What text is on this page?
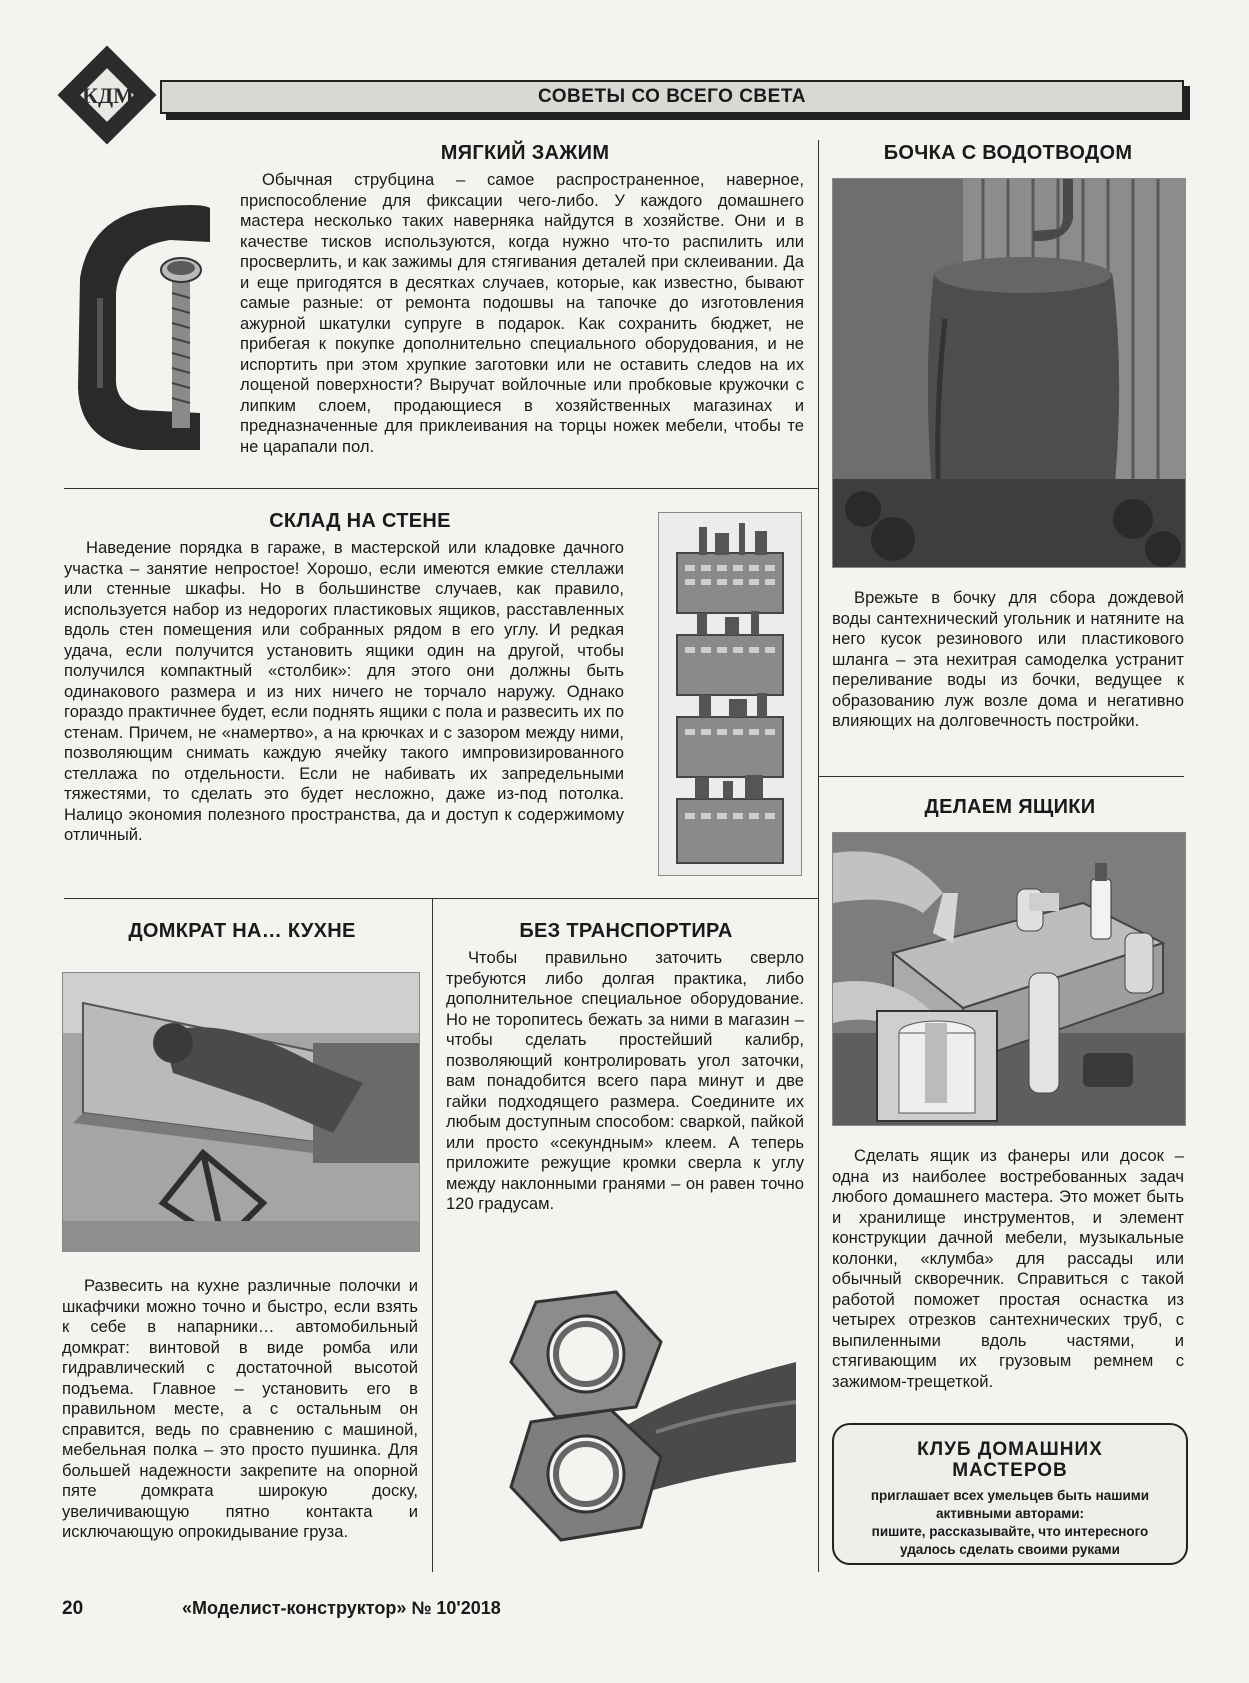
КДМ	СОВЕТЫ СО ВСЕГО СВЕТА
МЯГКИЙ ЗАЖИМ

Обычная струбцина – самое распространенное, наверное, приспособление для фиксации чего-либо. У каждого домашнего мастера несколько таких наверняка найдутся в хозяйстве. Они и в качестве тисков используются, когда нужно что-то распилить или просверлить, и как зажимы для стягивания деталей при склеивании. Да и еще пригодятся в десятках случаев, которые, как известно, бывают самые разные: от ремонта подошвы на тапочке до изготовления ажурной шкатулки супруге в подарок. Как сохранить бюджет, не прибегая к покупке дополнительно специального оборудования, и не испортить при этом хрупкие заготовки или не оставить следов на их лощеной поверхности? Выручат войлочные или пробковые кружочки с липким слоем, продающиеся в хозяйственных магазинах и предназначенные для приклеивания на торцы ножек мебели, чтобы те не царапали пол.

БОЧКА С ВОДОТВОДОМ

Врежьте в бочку для сбора дождевой воды сантехнический угольник и натяните на него кусок резинового или пластикового шланга – эта нехитрая самоделка устранит переливание воды из бочки, ведущее к образованию луж возле дома и негативно влияющих на долговечность постройки.

СКЛАД НА СТЕНЕ

Наведение порядка в гараже, в мастерской или кладовке дачного участка – занятие непростое! Хорошо, если имеются емкие стеллажи или стенные шкафы. Но в большинстве случаев, как правило, используется набор из недорогих пластиковых ящиков, расставленных вдоль стен помещения или собранных рядом в его углу. И редкая удача, если получится установить ящики один на другой, чтобы получился компактный «столбик»: для этого они должны быть одинакового размера и из них ничего не торчало наружу. Однако гораздо практичнее будет, если поднять ящики с пола и развесить их по стенам. Причем, не «намертво», а на крючках и с зазором между ними, позволяющим снимать каждую ячейку такого импровизированного стеллажа по отдельности. Если не набивать их запредельными тяжестями, то сделать это будет несложно, даже из-под потолка. Налицо экономия полезного пространства, да и доступ к содержимому отличный.

ДЕЛАЕМ ЯЩИКИ

Сделать ящик из фанеры или досок – одна из наиболее востребованных задач любого домашнего мастера. Это может быть и хранилище инструментов, и элемент конструкции дачной мебели, музыкальные колонки, «клумба» для рассады или обычный скворечник. Справиться с такой работой поможет простая оснастка из четырех отрезков сантехнических труб, с выпиленными вдоль частями, и стягивающим их грузовым ремнем с зажимом-трещеткой.

КЛУБ ДОМАШНИХ
МАСТЕРОВ
приглашает всех умельцев быть нашими
активными авторами:
пишите, рассказывайте, что интересного
удалось сделать своими руками
ДОМКРАТ НА… КУХНЕ

Развесить на кухне различные полочки и шкафчики можно точно и быстро, если взять к себе в напарники… автомобильный домкрат: винтовой в виде ромба или гидравлический с достаточной высотой подъема. Главное – установить его в правильном месте, а с остальным он справится, ведь по сравнению с машиной, мебельная полка – это просто пушинка. Для большей надежности закрепите на опорной пяте домкрата широкую доску, увеличивающую пятно контакта и исключающую опрокидывание груза.

БЕЗ ТРАНСПОРТИРА

Чтобы правильно заточить сверло требуются либо долгая практика, либо дополнительное специальное оборудование. Но не торопитесь бежать за ними в магазин – чтобы сделать простейший калибр, позволяющий контролировать угол заточки, вам понадобится всего пара минут и две гайки подходящего размера. Соедините их любым доступным способом: сваркой, пайкой или просто «секундным» клеем. А теперь приложите режущие кромки сверла к углу между наклонными гранями – он равен точно 120 градусам.

20	«Моделист-конструктор» № 10'2018
